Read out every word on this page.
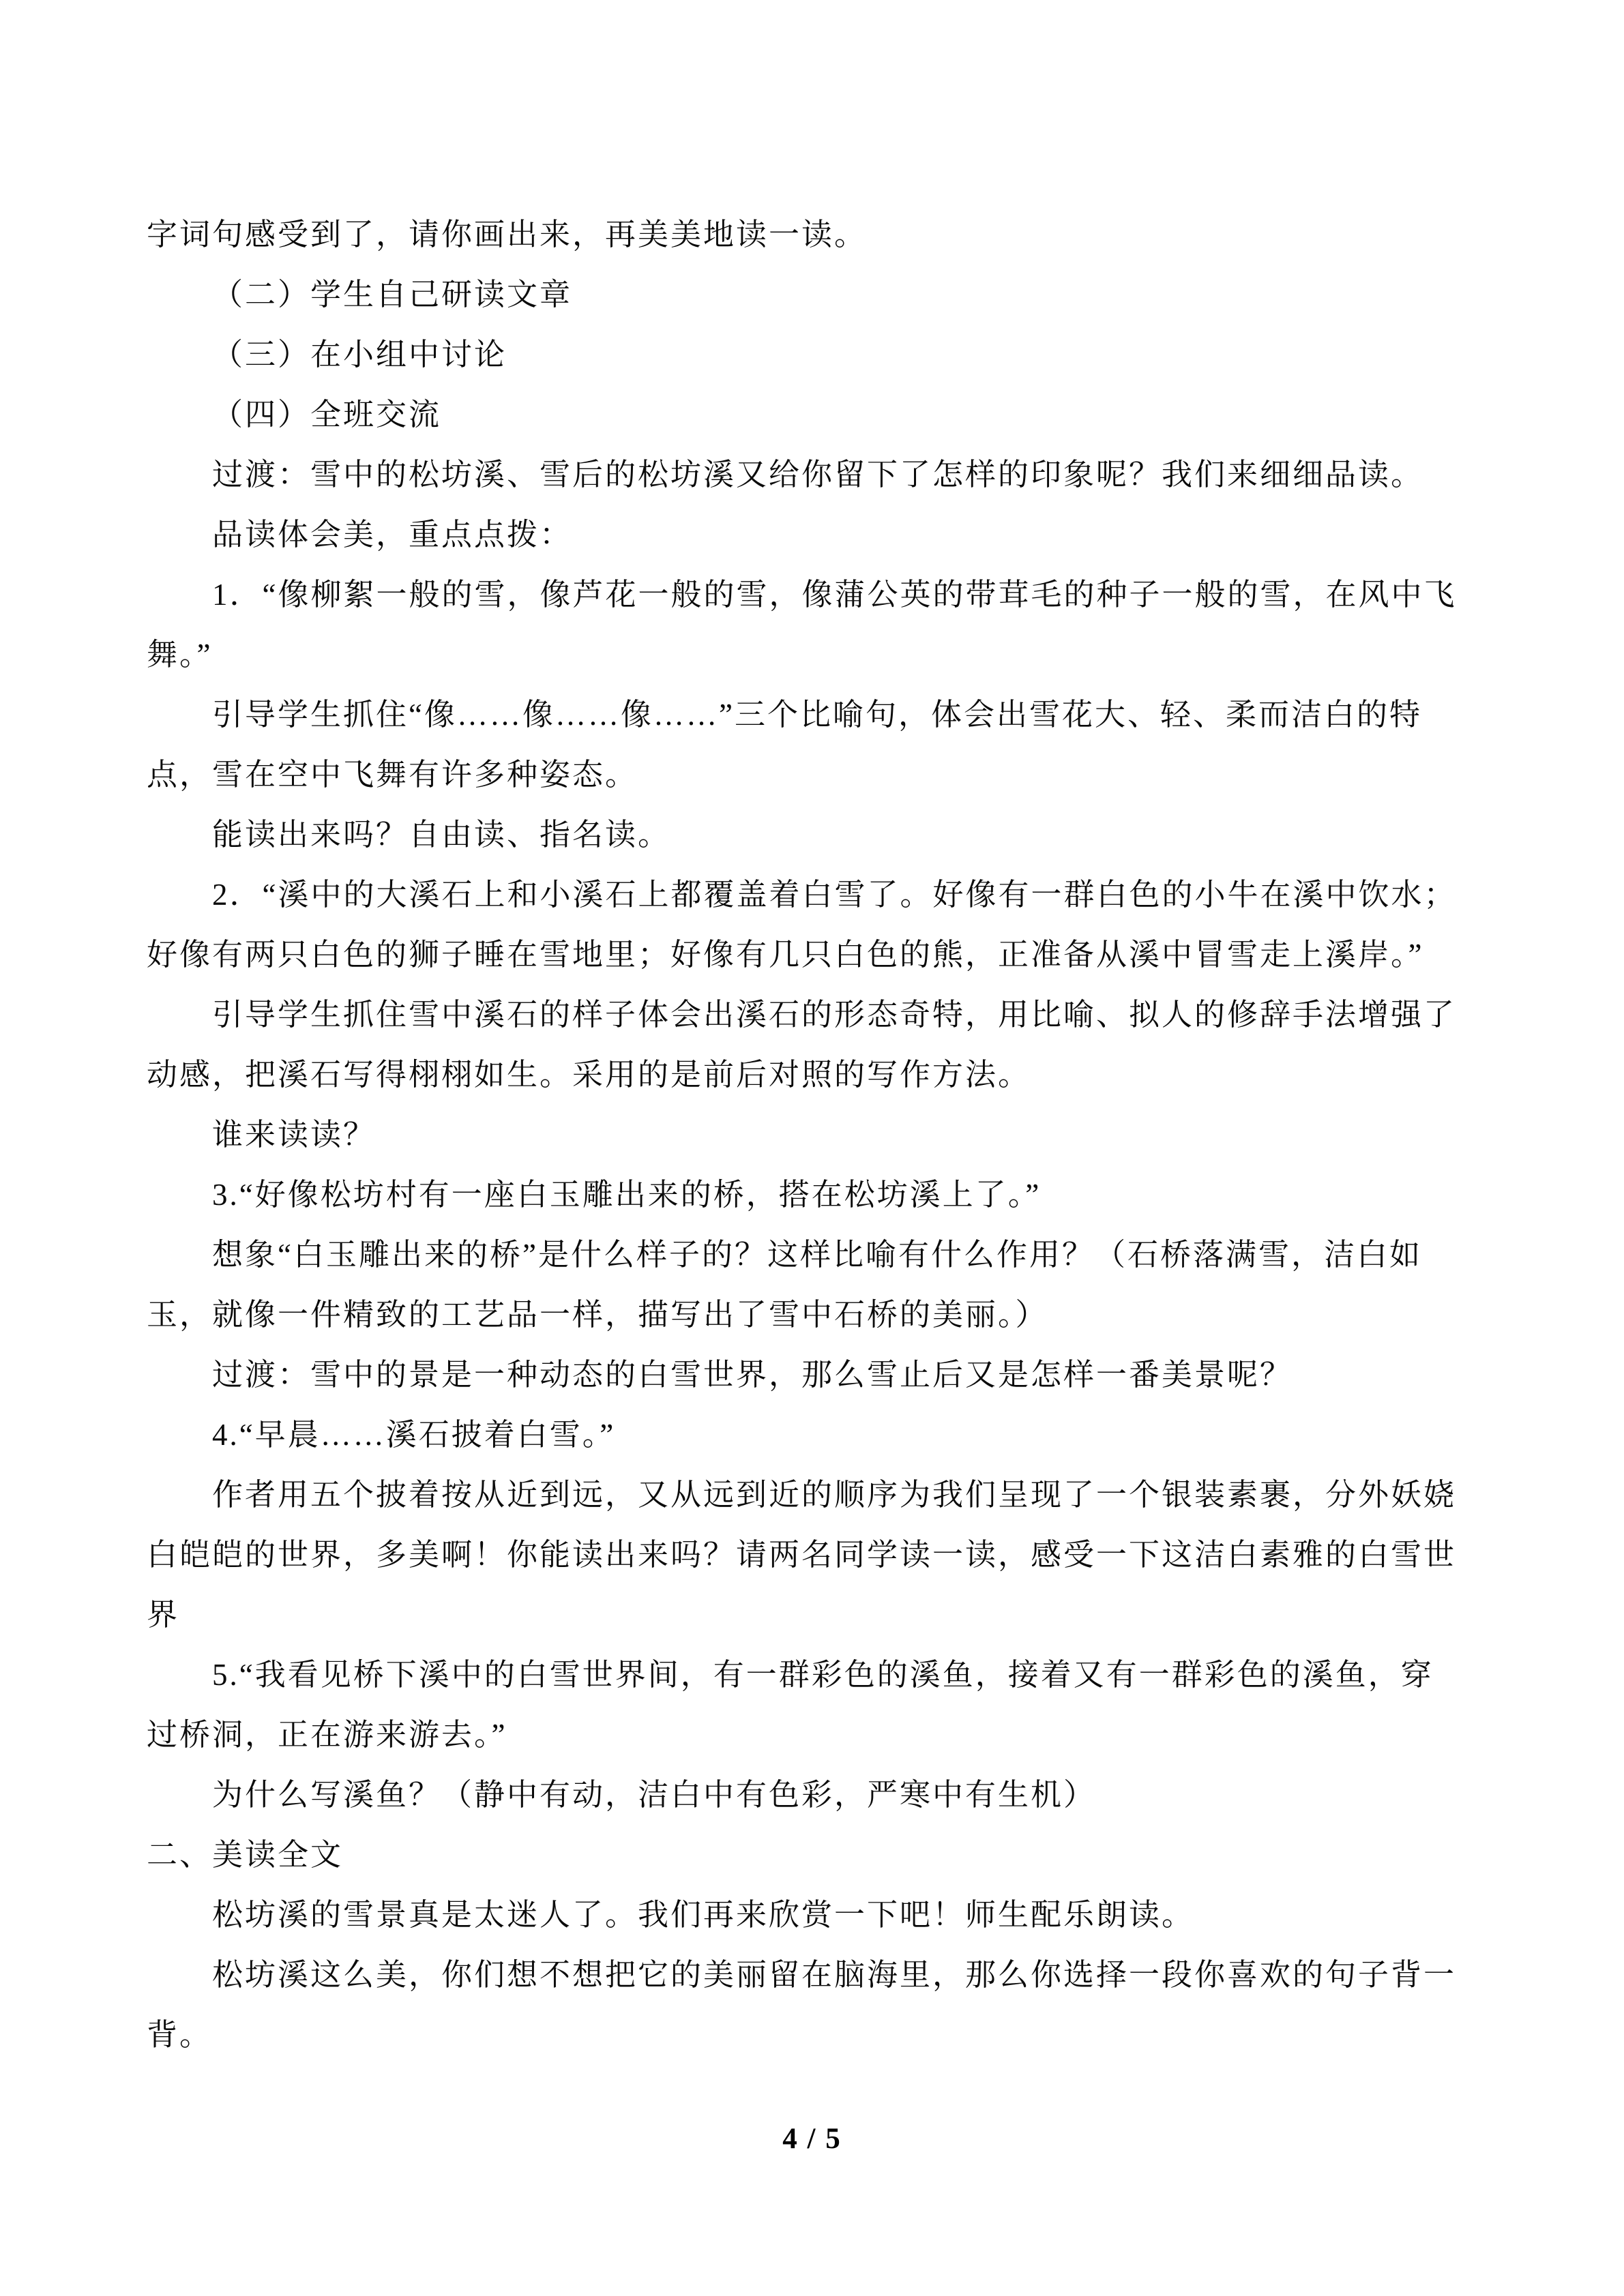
字词句感受到了，请你画出来，再美美地读一读。
（二）学生自己研读文章
（三）在小组中讨论
（四）全班交流
过渡：雪中的松坊溪、雪后的松坊溪又给你留下了怎样的印象呢？我们来细细品读。
品读体会美，重点点拨：
1．“像柳絮一般的雪，像芦花一般的雪，像蒲公英的带茸毛的种子一般的雪，在风中飞
舞。”
引导学生抓住“像……像……像……”三个比喻句，体会出雪花大、轻、柔而洁白的特
点，雪在空中飞舞有许多种姿态。
能读出来吗？自由读、指名读。
2．“溪中的大溪石上和小溪石上都覆盖着白雪了。好像有一群白色的小牛在溪中饮水；
好像有两只白色的狮子睡在雪地里；好像有几只白色的熊，正准备从溪中冒雪走上溪岸。”
引导学生抓住雪中溪石的样子体会出溪石的形态奇特，用比喻、拟人的修辞手法增强了
动感，把溪石写得栩栩如生。采用的是前后对照的写作方法。
谁来读读？
3.“好像松坊村有一座白玉雕出来的桥，搭在松坊溪上了。”
想象“白玉雕出来的桥”是什么样子的？这样比喻有什么作用？（石桥落满雪，洁白如
玉，就像一件精致的工艺品一样，描写出了雪中石桥的美丽。）
过渡：雪中的景是一种动态的白雪世界，那么雪止后又是怎样一番美景呢？
4.“早晨……溪石披着白雪。”
作者用五个披着按从近到远，又从远到近的顺序为我们呈现了一个银装素裹，分外妖娆
白皑皑的世界，多美啊！你能读出来吗？请两名同学读一读，感受一下这洁白素雅的白雪世
界
5.“我看见桥下溪中的白雪世界间，有一群彩色的溪鱼，接着又有一群彩色的溪鱼，穿
过桥洞，正在游来游去。”
为什么写溪鱼？（静中有动，洁白中有色彩，严寒中有生机）
二、美读全文
松坊溪的雪景真是太迷人了。我们再来欣赏一下吧！师生配乐朗读。
松坊溪这么美，你们想不想把它的美丽留在脑海里，那么你选择一段你喜欢的句子背一
背。
4 / 5
